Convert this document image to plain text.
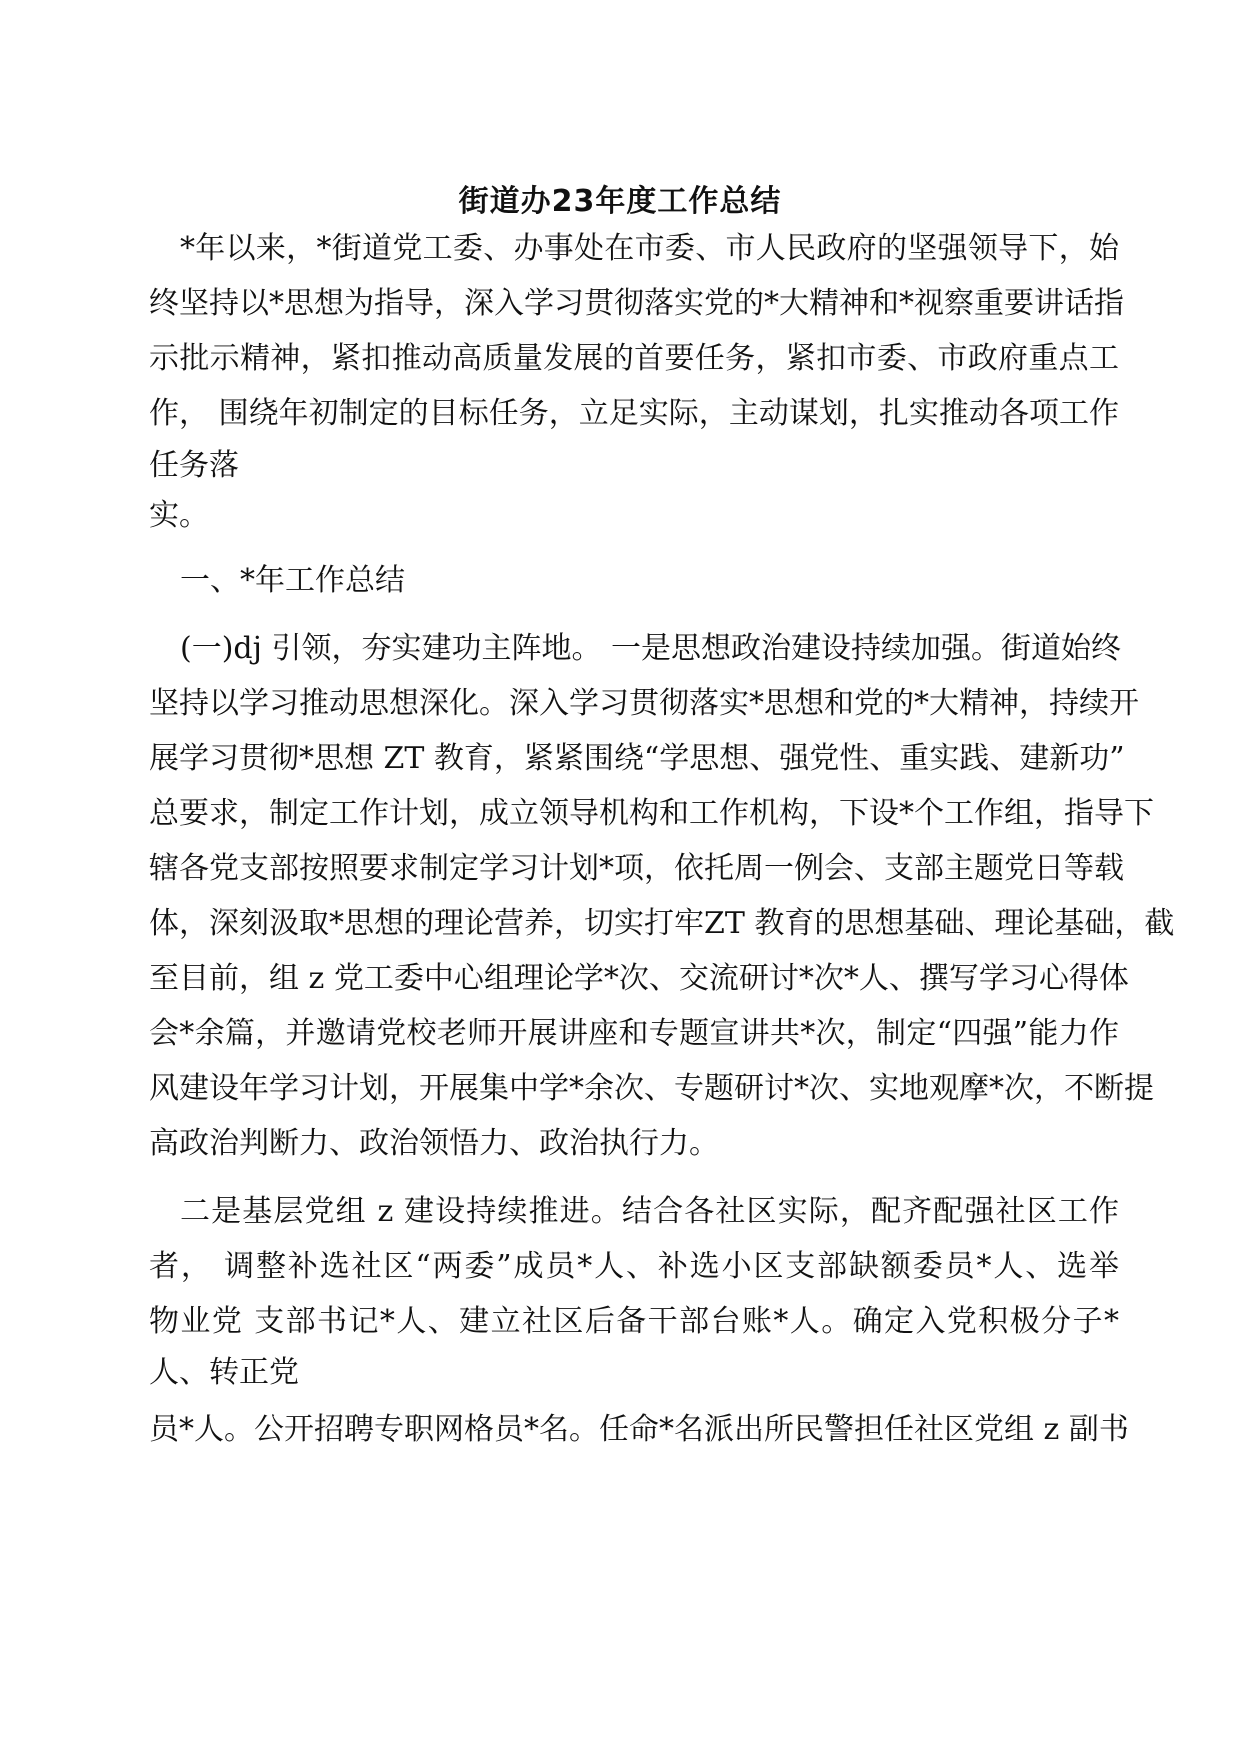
街道办23年度工作总结

*年以来，*街道党工委、办事处在市委、市人民政府的坚强领导下，始

终坚持以*思想为指导，深入学习贯彻落实党的*大精神和*视察重要讲话指

示批示精神，紧扣推动高质量发展的首要任务，紧扣市委、市政府重点工

作， 围绕年初制定的目标任务，立足实际，主动谋划，扎实推动各项工作

任务落

实。

一、*年工作总结

(一)dj 引领，夯实建功主阵地。 一是思想政治建设持续加强。街道始终

坚持以学习推动思想深化。深入学习贯彻落实*思想和党的*大精神，持续开

展学习贯彻*思想 ZT 教育，紧紧围绕“学思想、强党性、重实践、建新功”

总要求，制定工作计划，成立领导机构和工作机构，下设*个工作组，指导下

辖各党支部按照要求制定学习计划*项，依托周一例会、支部主题党日等载

体，深刻汲取*思想的理论营养，切实打牢ZT 教育的思想基础、理论基础，截

至目前，组 z 党工委中心组理论学*次、交流研讨*次*人、撰写学习心得体

会*余篇，并邀请党校老师开展讲座和专题宣讲共*次，制定“四强”能力作

风建设年学习计划，开展集中学*余次、专题研讨*次、实地观摩*次，不断提

高政治判断力、政治领悟力、政治执行力。

二是基层党组 z 建设持续推进。结合各社区实际，配齐配强社区工作

者， 调整补选社区“两委”成员*人、补选小区支部缺额委员*人、选举

物业党 支部书记*人、建立社区后备干部台账*人。确定入党积极分子*

人、转正党

员*人。公开招聘专职网格员*名。任命*名派出所民警担任社区党组 z 副书
